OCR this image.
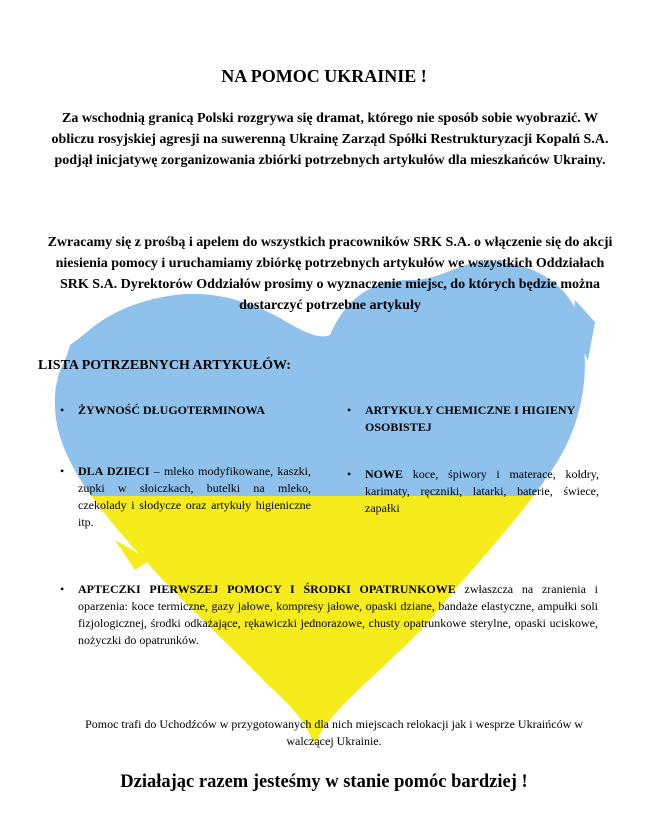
NA POMOC UKRAINIE !
Za wschodnią granicą Polski rozgrywa się dramat, którego nie sposób sobie wyobrazić. W obliczu rosyjskiej agresji na suwerenną Ukrainę Zarząd Spółki Restrukturyzacji Kopalń S.A. podjął inicjatywę zorganizowania zbiórki potrzebnych artykułów dla mieszkańców Ukrainy.
Zwracamy się z prośbą i apelem do wszystkich pracowników SRK S.A. o włączenie się do akcji niesienia pomocy i uruchamiamy zbiórkę potrzebnych artykułów we wszystkich Oddziałach SRK S.A. Dyrektorów Oddziałów prosimy o wyznaczenie miejsc, do których będzie można dostarczyć potrzebne artykuły
LISTA POTRZEBNYCH ARTYKUŁÓW:
• ŻYWNOŚĆ DŁUGOTERMINOWA	• ARTYKUŁY CHEMICZNE I HIGIENY OSOBISTEJ
• DLA DZIECI – mleko modyfikowane, kaszki, zupki w słoiczkach, butelki na mleko, czekolady i słodycze oraz artykuły higieniczne itp.
• NOWE koce, śpiwory i materace, kołdry, karimaty, ręczniki, latarki, baterie, świece, zapałki
• APTECZKI PIERWSZEJ POMOCY I ŚRODKI OPATRUNKOWE zwłaszcza na zranienia i oparzenia: koce termiczne, gazy jałowe, kompresy jałowe, opaski dziane, bandaże elastyczne, ampułki soli fizjologicznej, środki odkażające, rękawiczki jednorazowe, chusty opatrunkowe sterylne, opaski uciskowe, nożyczki do opatrunków.
Pomoc trafi do Uchodźców w przygotowanych dla nich miejscach relokacji jak i wesprze Ukraińców w walczącej Ukrainie.
Działając razem jesteśmy w stanie pomóc bardziej !
